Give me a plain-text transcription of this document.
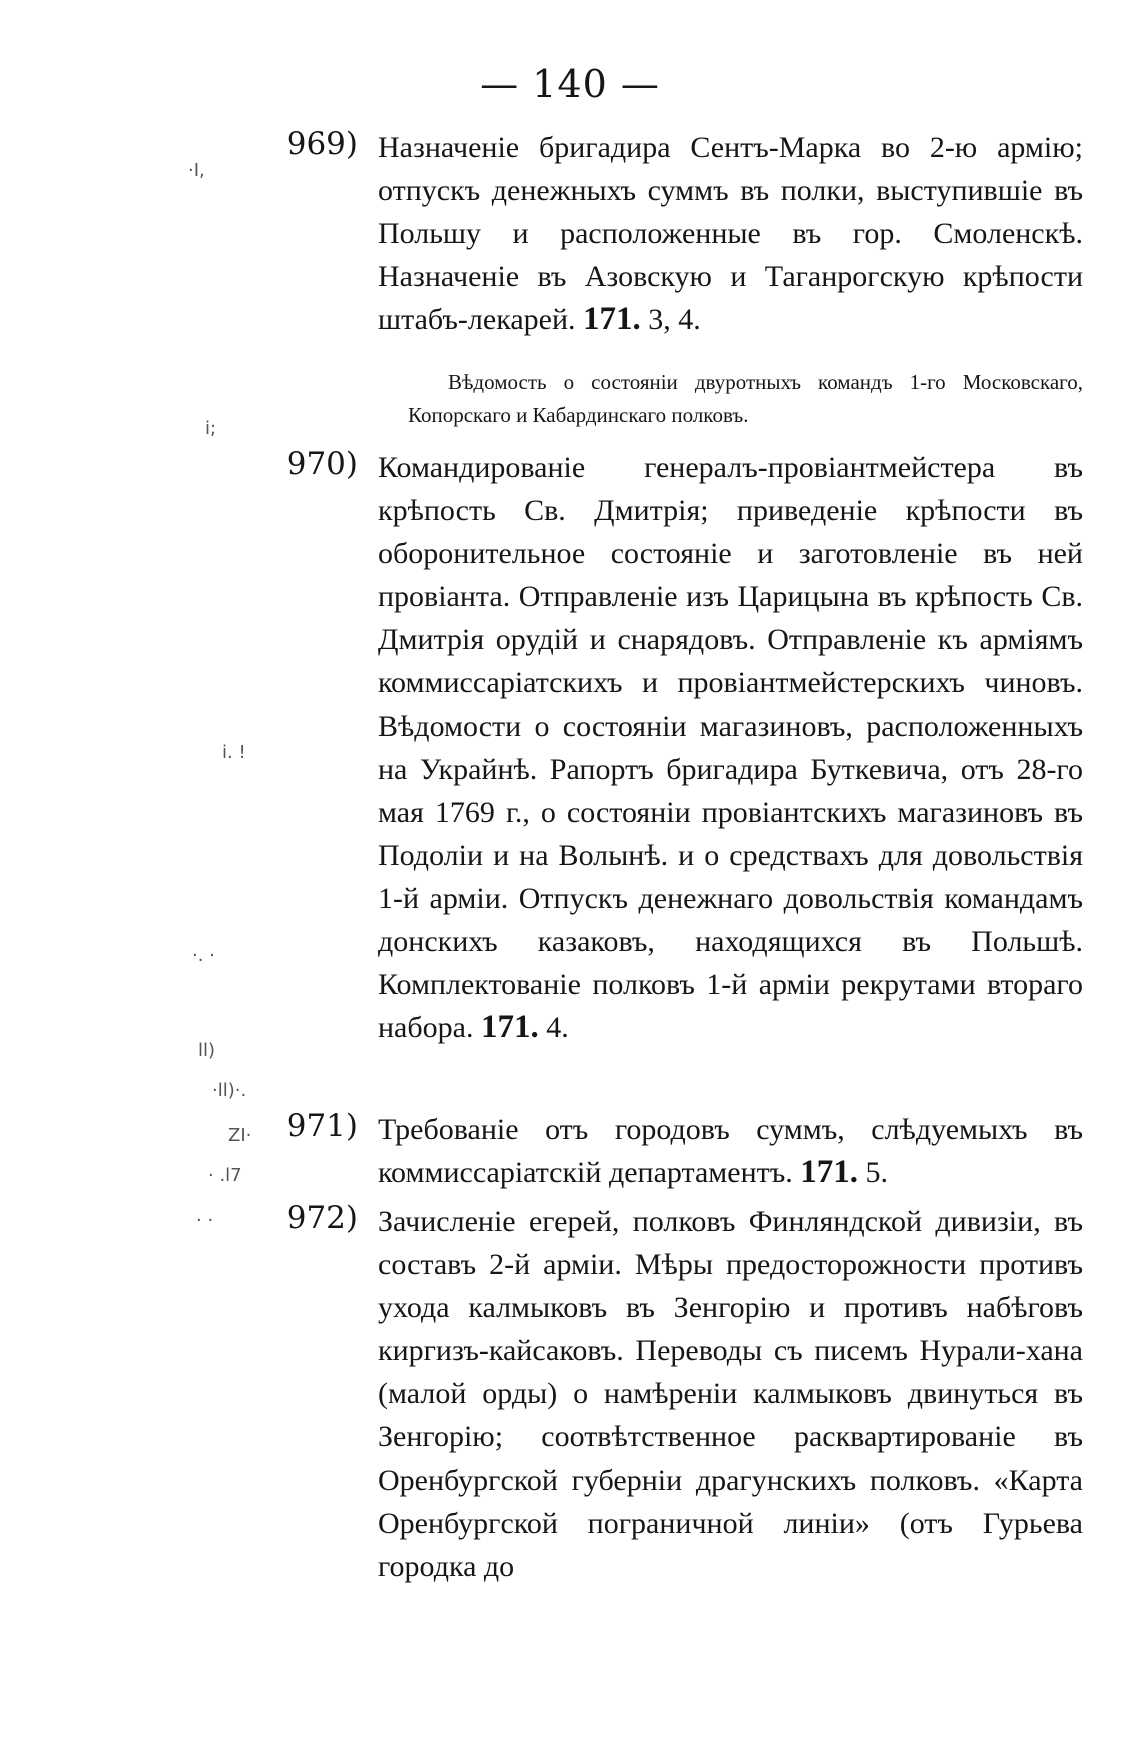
— 140 —
969) Назначеніе бригадира Сентъ-Марка во 2-ю армію; отпускъ денежныхъ суммъ въ полки, выступившіе въ Польшу и расположенные въ гор. Смоленскѣ. Назначеніе въ Азовскую и Таганрогскую крѣпости штабъ-лекарей. 171. 3, 4.
Вѣдомость о состояніи двуротныхъ командъ 1-го Московскаго, Копорскаго и Кабардинскаго полковъ.
970) Командированіе генералъ-провіантмейстера въ крѣпость Св. Дмитрія; приведеніе крѣпости въ оборонительное состояніе и заготовленіе въ ней провіанта. Отправленіе изъ Царицына въ крѣпость Св. Дмитрія орудій и снарядовъ. Отправленіе къ арміямъ коммиссаріатскихъ и провіантмейстерскихъ чиновъ. Вѣдомости о состояніи магазиновъ, расположенныхъ на Украйнѣ. Рапортъ бригадира Буткевича, отъ 28-го мая 1769 г., о состояніи провіантскихъ магазиновъ въ Подоліи и на Волынѣ. и о средствахъ для довольствія 1-й арміи. Отпускъ денежнаго довольствія командамъ донскихъ казаковъ, находящихся въ Польшѣ. Комплектованіе полковъ 1-й арміи рекрутами втораго набора. 171. 4.
971) Требованіе отъ городовъ суммъ, слѣдуемыхъ въ коммиссаріатскій департаментъ. 171. 5.
972) Зачисленіе егерей, полковъ Финляндской дивизіи, въ составъ 2-й арміи. Мѣры предосторожности противъ ухода калмыковъ въ Зенгорію и противъ набѣговъ киргизъ-кайсаковъ. Переводы съ писемъ Нурали-хана (малой орды) о намѣреніи калмыковъ двинуться въ Зенгорію; соотвѣтственное расквартированіе въ Оренбургской губерніи драгунскихъ полковъ. «Карта Оренбургской пограничной линіи» (отъ Гурьева городка до
·I,
i;
i. !
·. ·
ll)
·ll)·.
ZI·
· .l7
· ·
